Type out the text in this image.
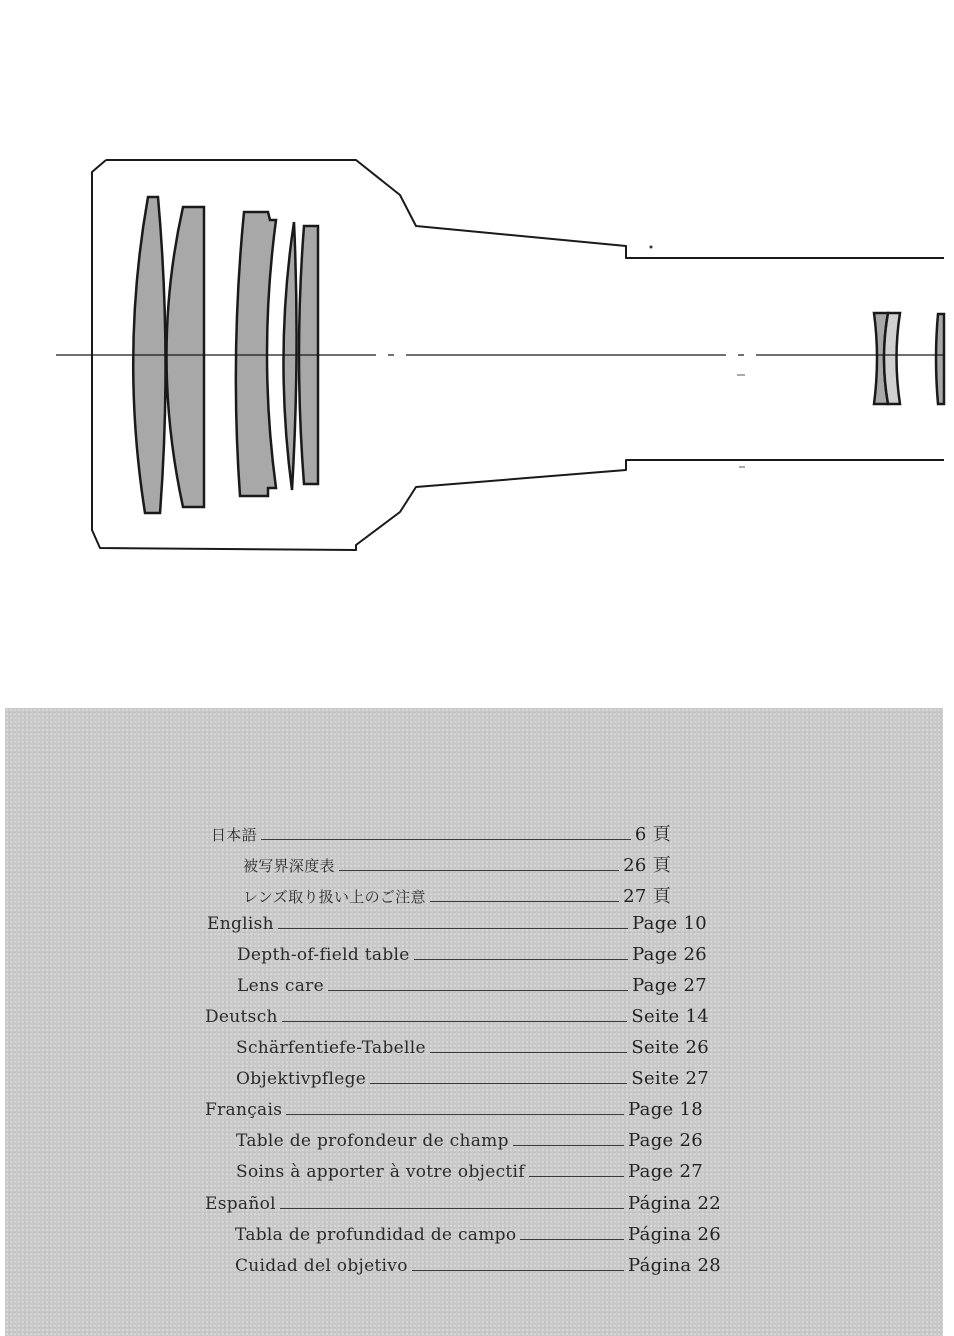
日本語	6 頁
被写界深度表	26 頁
レンズ取り扱い上のご注意	27 頁
English	Page 10
Depth-of-field table	Page 26
Lens care	Page 27
Deutsch	Seite 14
Schärfentiefe-Tabelle	Seite 26
Objektivpflege	Seite 27
Français	Page 18
Table de profondeur de champ	Page 26
Soins à apporter à votre objectif	Page 27
Español	Página 22
Tabla de profundidad de campo	Página 26
Cuidad del objetivo	Página 28
